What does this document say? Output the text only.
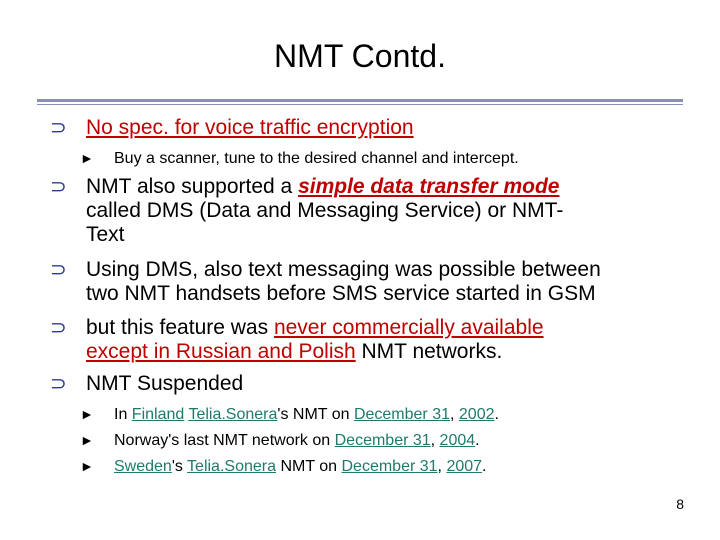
NMT Contd.
⊃ No spec. for voice traffic encryption
► Buy a scanner, tune to the desired channel and intercept.
⊃ NMT also supported a simple data transfer mode
called DMS (Data and Messaging Service) or NMT-
Text
⊃ Using DMS, also text messaging was possible between
two NMT handsets before SMS service started in GSM
⊃ but this feature was never commercially available
except in Russian and Polish NMT networks.
⊃ NMT Suspended
► In Finland Telia.Sonera's NMT on December 31, 2002.
► Norway's last NMT network on December 31, 2004.
► Sweden's Telia.Sonera NMT on December 31, 2007.
8
